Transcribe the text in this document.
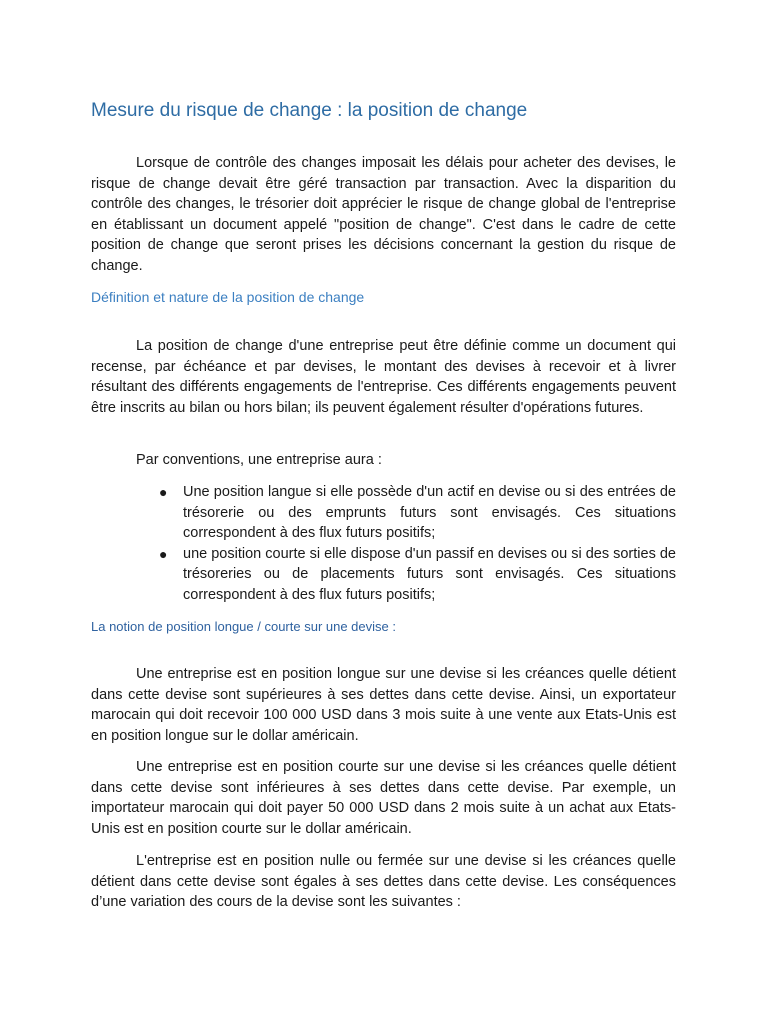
Mesure du risque de change : la position de change

Lorsque de contrôle des changes imposait les délais pour acheter des devises, le risque de change devait être géré transaction par transaction. Avec la disparition du contrôle des changes, le trésorier doit apprécier le risque de change global de l'entreprise en établissant un document appelé "position de change". C'est dans le cadre de cette position de change que seront prises les décisions concernant la gestion du risque de change.

Définition et nature de la position de change

La position de change d'une entreprise peut être définie comme un document qui recense, par échéance et par devises, le montant des devises à recevoir et à livrer résultant des différents engagements de l'entreprise. Ces différents engagements peuvent être inscrits au bilan ou hors bilan; ils peuvent également résulter d'opérations futures.

Par conventions, une entreprise aura :

● Une position langue si elle possède d'un actif en devise ou si des entrées de trésorerie ou des emprunts futurs sont envisagés. Ces situations correspondent à des flux futurs positifs;
● une position courte si elle dispose d'un passif en devises ou si des sorties de trésoreries ou de placements futurs sont envisagés. Ces situations correspondent à des flux futurs positifs;
La notion de position longue / courte sur une devise :

Une entreprise est en position longue sur une devise si les créances quelle détient dans cette devise sont supérieures à ses dettes dans cette devise. Ainsi, un exportateur marocain qui doit recevoir 100 000 USD dans 3 mois suite à une vente aux Etats-Unis est en position longue sur le dollar américain.

Une entreprise est en position courte sur une devise si les créances quelle détient dans cette devise sont inférieures à ses dettes dans cette devise. Par exemple, un importateur marocain qui doit payer 50 000 USD dans 2 mois suite à un achat aux Etats-Unis est en position courte sur le dollar américain.

L'entreprise est en position nulle ou fermée sur une devise si les créances quelle détient dans cette devise sont égales à ses dettes dans cette devise. Les conséquences d’une variation des cours de la devise sont les suivantes :
